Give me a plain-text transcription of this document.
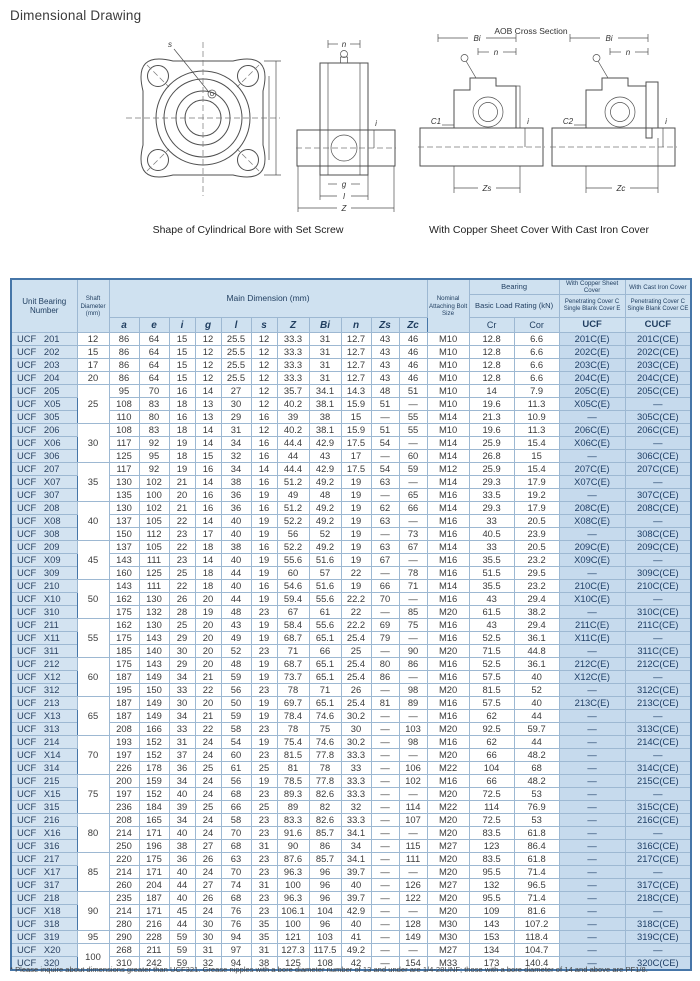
Dimensional Drawing
AOB Cross Section
s	n
i
g
l
Z
Bi
n
i
C1
Zs
Bi
n
i
C2
Zc
Shape of Cylindrical Bore with Set Screw	With Copper Sheet Cover With Cast Iron Cover
Unit Bearing Number	Shaft Diameter (mm)	Main Dimension (mm)											Nominal Attaching Bolt Size	Bearing		With Copper Sheet Cover	With Cast Iron Cover
Basic Load Rating (kN)	Penetrating Cover C
Single Blank Cover E

Penetrating Cover C
Single Blank Cover CE

		a	e	i	g	l	s	Z	Bi	n	Zs	Zc		Cr	Cor	UCF	CUCF
UCF 201	12	86	64	15	12	25.5	12	33.3	31	12.7	43	46	M10	12.8	6.6	201C(E)	201C(CE)
UCF 202	15	86	64	15	12	25.5	12	33.3	31	12.7	43	46	M10	12.8	6.6	202C(E)	202C(CE)
UCF 203	17	86	64	15	12	25.5	12	33.3	31	12.7	43	46	M10	12.8	6.6	203C(E)	203C(CE)
UCF 204	20	86	64	15	12	25.5	12	33.3	31	12.7	43	46	M10	12.8	6.6	204C(E)	204C(CE)
UCF 205	25	95	70	16	14	27	12	35.7	34.1	14.3	48	51	M10	14	7.9	205C(E)	205C(CE)
UCF X05		108	83	18	13	30	12	40.2	38.1	15.9	51	—	M10	19.6	11.3	X05C(E)	—
UCF 305		110	80	16	13	29	16	39	38	15	—	55	M14	21.3	10.9	—	305C(CE)
UCF 206	30	108	83	18	14	31	12	40.2	38.1	15.9	51	55	M10	19.6	11.3	206C(E)	206C(CE)
UCF X06		117	92	19	14	34	16	44.4	42.9	17.5	54	—	M14	25.9	15.4	X06C(E)	—
UCF 306		125	95	18	15	32	16	44	43	17	—	60	M14	26.8	15	—	306C(CE)
UCF 207	35	117	92	19	16	34	14	44.4	42.9	17.5	54	59	M12	25.9	15.4	207C(E)	207C(CE)
UCF X07		130	102	21	14	38	16	51.2	49.2	19	63	—	M14	29.3	17.9	X07C(E)	—
UCF 307		135	100	20	16	36	19	49	48	19	—	65	M16	33.5	19.2	—	307C(CE)
UCF 208	40	130	102	21	16	36	16	51.2	49.2	19	62	66	M14	29.3	17.9	208C(E)	208C(CE)
UCF X08		137	105	22	14	40	19	52.2	49.2	19	63	—	M16	33	20.5	X08C(E)	—
UCF 308		150	112	23	17	40	19	56	52	19	—	73	M16	40.5	23.9	—	308C(CE)
UCF 209	45	137	105	22	18	38	16	52.2	49.2	19	63	67	M14	33	20.5	209C(E)	209C(CE)
UCF X09		143	111	23	14	40	19	55.6	51.6	19	67	—	M16	35.5	23.2	X09C(E)	—
UCF 309		160	125	25	18	44	19	60	57	22	—	78	M16	51.5	29.5	—	309C(CE)
UCF 210	50	143	111	22	18	40	16	54.6	51.6	19	66	71	M14	35.5	23.2	210C(E)	210C(CE)
UCF X10		162	130	26	20	44	19	59.4	55.6	22.2	70	—	M16	43	29.4	X10C(E)	—
UCF 310		175	132	28	19	48	23	67	61	22	—	85	M20	61.5	38.2	—	310C(CE)
UCF 211	55	162	130	25	20	43	19	58.4	55.6	22.2	69	75	M16	43	29.4	211C(E)	211C(CE)
UCF X11		175	143	29	20	49	19	68.7	65.1	25.4	79	—	M16	52.5	36.1	X11C(E)	—
UCF 311		185	140	30	20	52	23	71	66	25	—	90	M20	71.5	44.8	—	311C(CE)
UCF 212	60	175	143	29	20	48	19	68.7	65.1	25.4	80	86	M16	52.5	36.1	212C(E)	212C(CE)
UCF X12		187	149	34	21	59	19	73.7	65.1	25.4	86	—	M16	57.5	40	X12C(E)	—
UCF 312		195	150	33	22	56	23	78	71	26	—	98	M20	81.5	52	—	312C(CE)
UCF 213	65	187	149	30	20	50	19	69.7	65.1	25.4	81	89	M16	57.5	40	213C(E)	213C(CE)
UCF X13		187	149	34	21	59	19	78.4	74.6	30.2	—	—	M16	62	44	—	—
UCF 313		208	166	33	22	58	23	78	75	30	—	103	M20	92.5	59.7	—	313C(CE)
UCF 214	70	193	152	31	24	54	19	75.4	74.6	30.2	—	98	M16	62	44	—	214C(CE)
UCF X14		197	152	37	24	60	23	81.5	77.8	33.3	—	—	M20	66	48.2	—	—
UCF 314		226	178	36	25	61	25	81	78	33	—	106	M22	104	68	—	314C(CE)
UCF 215	75	200	159	34	24	56	19	78.5	77.8	33.3	—	102	M16	66	48.2	—	215C(CE)
UCF X15		197	152	40	24	68	23	89.3	82.6	33.3	—	—	M20	72.5	53	—	—
UCF 315		236	184	39	25	66	25	89	82	32	—	114	M22	114	76.9	—	315C(CE)
UCF 216	80	208	165	34	24	58	23	83.3	82.6	33.3	—	107	M20	72.5	53	—	216C(CE)
UCF X16		214	171	40	24	70	23	91.6	85.7	34.1	—	—	M20	83.5	61.8	—	—
UCF 316		250	196	38	27	68	31	90	86	34	—	115	M27	123	86.4	—	316C(CE)
UCF 217	85	220	175	36	26	63	23	87.6	85.7	34.1	—	111	M20	83.5	61.8	—	217C(CE)
UCF X17		214	171	40	24	70	23	96.3	96	39.7	—	—	M20	95.5	71.4	—	—
UCF 317		260	204	44	27	74	31	100	96	40	—	126	M27	132	96.5	—	317C(CE)
UCF 218	90	235	187	40	26	68	23	96.3	96	39.7	—	122	M20	95.5	71.4	—	218C(CE)
UCF X18		214	171	45	24	76	23	106.1	104	42.9	—	—	M20	109	81.6	—	—
UCF 318		280	216	44	30	76	35	100	96	40	—	128	M30	143	107.2	—	318C(CE)
UCF 319	95	290	228	59	30	94	35	121	103	41	—	149	M30	153	118.4	—	319C(CE)
UCF X20	100	268	211	59	31	97	31	127.3	117.5	49.2	—	—	M27	134	104.7	—	—
UCF 320		310	242	59	32	94	38	125	108	42	—	154	M33	173	140.4	—	320C(CE)
* Please inquire about dimensions greater than UCF321. Grease nipples with a bore diameter number of 13 and under are 1/4-28UNF; those with a bore diameter of 14 and above are PF1/8.
